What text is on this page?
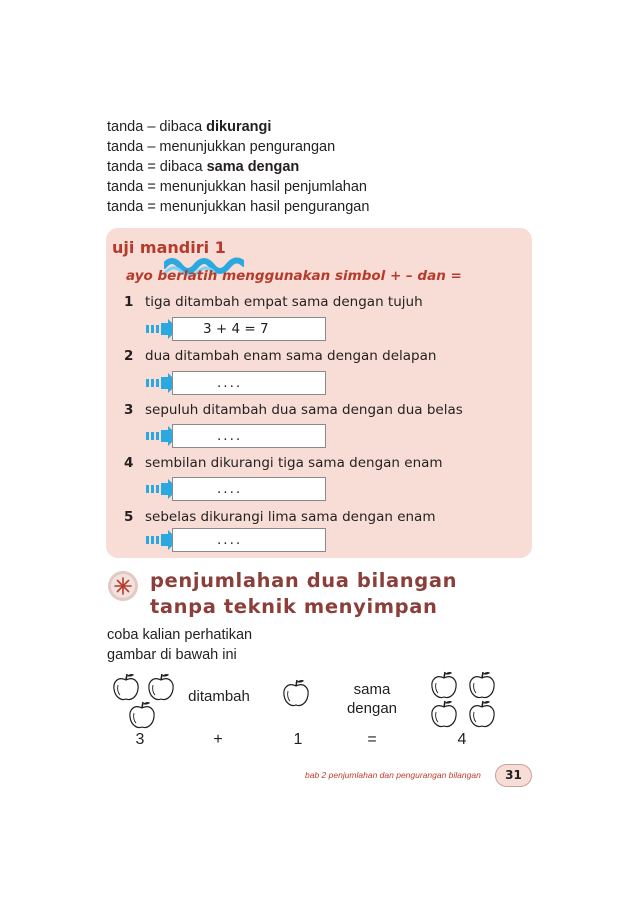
tanda – dibaca dikurangi
tanda – menunjukkan pengurangan
tanda = dibaca sama dengan
tanda = menunjukkan hasil penjumlahan
tanda = menunjukkan hasil pengurangan
uji mandiri 1
ayo berlatih menggunakan simbol + – dan =
1 tiga ditambah empat sama dengan tujuh
3 + 4 = 7
2 dua ditambah enam sama dengan delapan
....
3 sepuluh ditambah dua sama dengan dua belas
....
4 sembilan dikurangi tiga sama dengan enam
....
5 sebelas dikurangi lima sama dengan enam
....
penjumlahan dua bilangan
tanpa teknik menyimpan
coba kalian perhatikan
gambar di bawah ini
ditambah	sama
dengan
3	+	1	=	4
bab 2 penjumlahan dan pengurangan bilangan	31
